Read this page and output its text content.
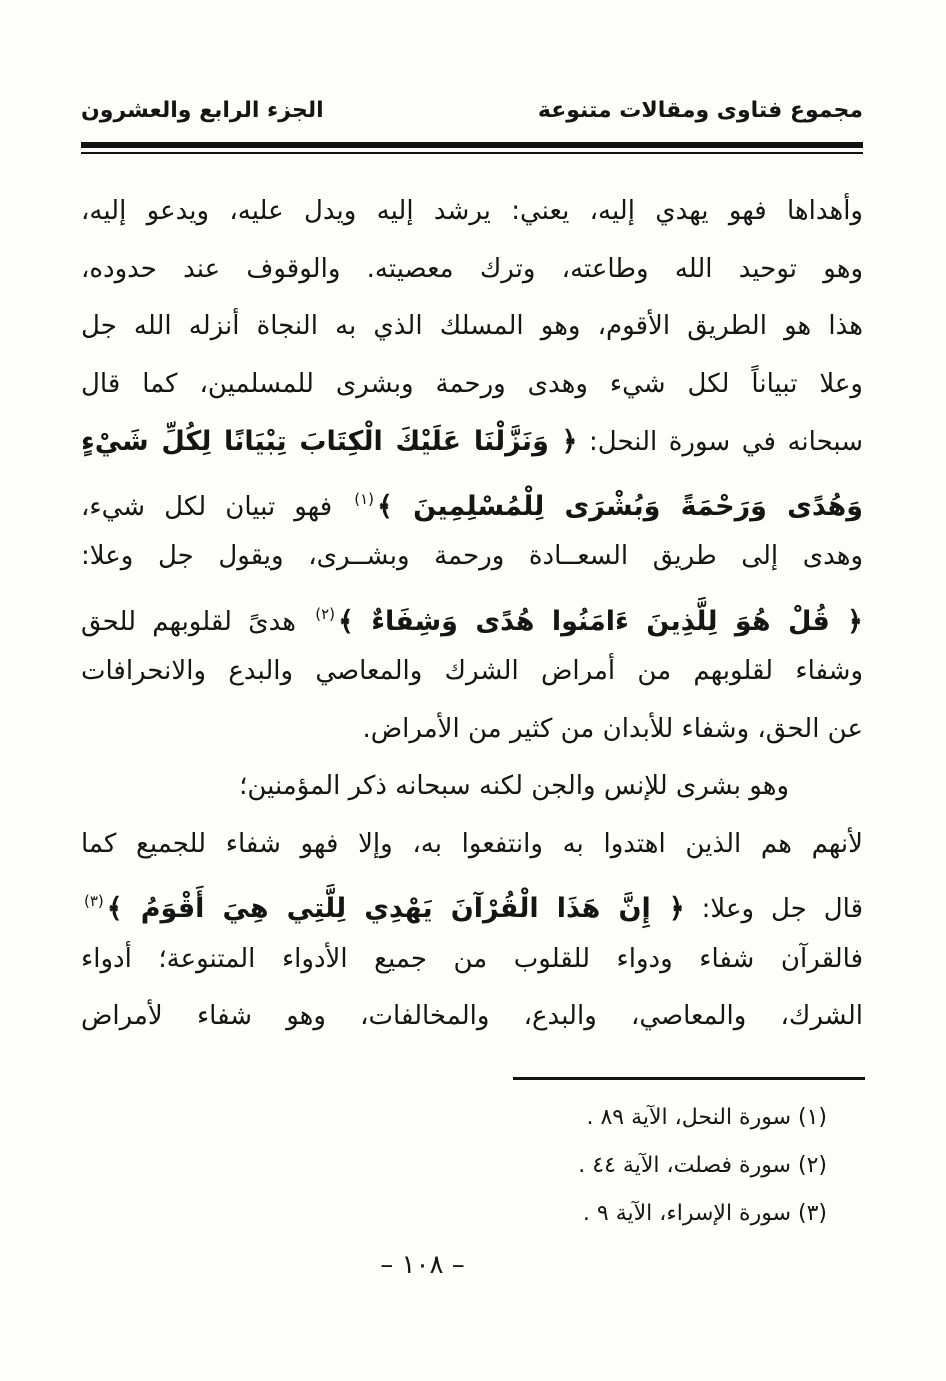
مجموع فتاوى ومقالات متنوعة
الجزء الرابع والعشرون
وأهداها فهو يهدي إليه، يعني: يرشد إليه ويدل عليه، ويدعو إليه،
وهو توحيد الله وطاعته، وترك معصيته. والوقوف عند حدوده،
هذا هو الطريق الأقوم، وهو المسلك الذي به النجاة أنزله الله جل
وعلا تبياناً لكل شيء وهدى ورحمة وبشرى للمسلمين، كما قال
سبحانه في سورة النحل: ﴿ وَنَزَّلْنَا عَلَيْكَ الْكِتَابَ تِبْيَانًا لِكُلِّ شَيْءٍ
وَهُدًى وَرَحْمَةً وَبُشْرَى لِلْمُسْلِمِينَ ﴾$^{(١)}$ فهو تبيان لكل شيء،
وهدى إلى طريق السعــادة ورحمة وبشــرى، ويقول جل وعلا:
﴿ قُلْ هُوَ لِلَّذِينَ ءَامَنُوا هُدًى وَشِفَاءٌ ﴾$^{(٢)}$ هدىً لقلوبهم للحق
وشفاء لقلوبهم من أمراض الشرك والمعاصي والبدع والانحرافات
عن الحق، وشفاء للأبدان من كثير من الأمراض.
وهو بشرى للإنس والجن لكنه سبحانه ذكر المؤمنين؛
لأنهم هم الذين اهتدوا به وانتفعوا به، وإلا فهو شفاء للجميع كما
قال جل وعلا: ﴿ إِنَّ هَذَا الْقُرْآنَ يَهْدِي لِلَّتِي هِيَ أَقْوَمُ ﴾$^{(٣)}$
فالقرآن شفاء ودواء للقلوب من جميع الأدواء المتنوعة؛ أدواء
الشرك، والمعاصي، والبدع، والمخالفات، وهو شفاء لأمراض
(١) سورة النحل، الآية ٨٩ .
(٢) سورة فصلت، الآية ٤٤ .
(٣) سورة الإسراء، الآية ٩ .
– ١٠٨ –
